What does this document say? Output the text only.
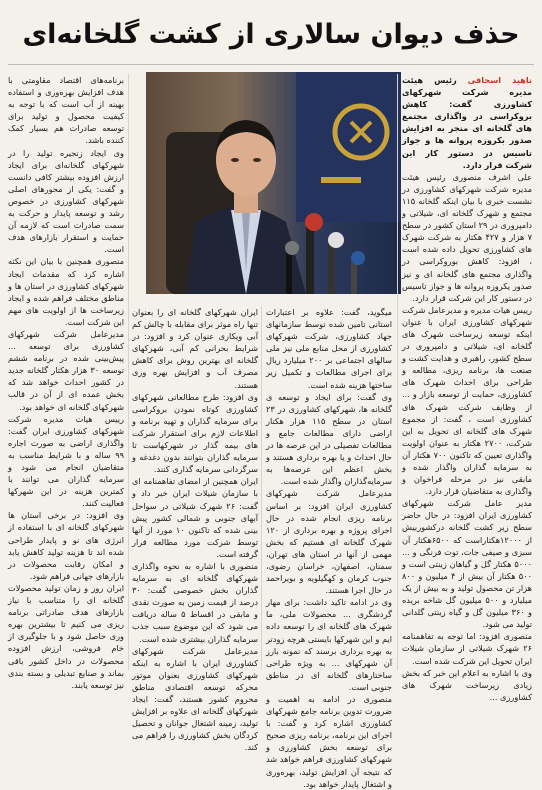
حذف دیوان سالاری از کشت گلخانه‌ای

ناهید اسحاقی رئیس هیئت مدیره شرکت شهرکهای کشاورزی گفت: کاهش بروکراسی در واگذاری مجتمع های گلخانه ای منجر به افزایش صدور بکروزه پروانه ها و جواز تاسیس در دستور کار این شرکت قرار دارد.

علی اشرف منصوری رئیس هیئت مدیره شرکت شهرکهای کشاورزی در نشست خبری با بیان اینکه گلخانه ۱۱۵ مجتمع و شهرک گلخانه ای، شیلاتی و دامپروری در ۲۹ استان کشور در سطح ۷ هزار و ۴۲۷ هکتار به شرکت شهرک های کشاورزی تحویل داده شده است ، افزود: کاهش بوروکراسی در واگذاری مجتمع های گلخانه ای و نیز صدور یکروزه پروانه ها و جواز تاسیس در دستور کار این شرکت قرار دارد.

رییس هیات مدیره و مدیرعامل شرکت شهرکهای کشاورزی ایران با عنوان اینکه توسعه زیرساخت شهرک های گلخانه ای، شیلاتی و دامپروری در سطح کشور، راهبری و هدایت کشت و صنعت ها، برنامه ریزی، مطالعه و طراحی برای احداث شهرک های کشاورزی، حمایت از توسعه بازار و ... از وظایف شرکت شهرک های کشاورزی است ، گفت: از مجموع شهرک های گلخانه ای تحویل به این شرکت، ۲۷۰۰ هکتار به عنوان اولویت واگذاری تعیین که تاکنون ۷۰۰ هکتار آن به سرمایه گذاران واگذار شده و مابقی نیز در مرحله فراخوان و واگذاری به متقاضیان قرار دارد.

مدیر عامل شرکت شهرکهای کشاورزی ایران افزود: در حال حاضر سطح زیر کشت گلخانه درکشوربیش از ۱۲۰۰۰هکتاراست که ۶۵۰۰هکتار آن سبزی و صیفی جات، توت فرنگی و ... ۵۰۰۰ هکتار گل و گیاهان زینتی است و ۵۰۰ هکتار آن بیش از ۴ میلیون و ۸۰۰ هزار تن محصول تولید و به بیش از یک میلیارد و ۵۰۰ میلیون گل شاخه بریده و ۳۶۰ میلیون گل و گیاه زینتی گلدانی تولید می شود.

منصوری افزود: اما توجه به تفاهمنامه ۲۶ شهرک شیلاتی از سازمان شیلات ایران تحویل این شرکت شده است.

وی با اشاره به اعلام این خبر که بخش زیادی زیرساخت شهرک های کشاورزی ...

میگوید، گفت: علاوه بر اعتبارات استانی تامین شده توسط سازمانهای جهاد کشاورزی، شرکت شهرکهای کشاورزی از محل منابع ملی نیز ملی سالهای اجتماعی بر ۲۰۰ میلیارد ریال برای اجرای مطالعات و تکمیل زیر ساختها هزینه شده است.

وی گفت: برای ایجاد و توسعه ی گلخانه ها، شهرکهای کشاورزی در ۲۳ استان در سطح ۱۱۵ هزار هکتار اراضی دارای مطالعات جامع و مطالعات تفصیلی در این عرصه ها در حال احداث و یا بهره برداری هستند و بخش اعظم این عرصه‌ها به سرمایه‌گذاران واگذار شده است.

مدیرعامل شرکت شهرکهای کشاورزی ایران افزود: بر اساس برنامه ریزی انجام شده در حال اجرای پروژه و بهره برداری از ۱۲۰ شهرک گلخانه ای هستیم که بخش مهمی از آنها در استان های تهران، سمنان، اصفهان، خراسان رضوی، جنوب کرمان و کهگیلویه و بویراحمد در حال اجرا هستند.

وی در ادامه تاکید داشت: برای مهار گردشگری ... محصولات ملی، ما شهرک های گلخانه ای را توسعه داده ایم و این شهرکها بایستی هرچه زودتر به بهره برداری برسند که نمونه بارز آن شهرکهای ... به ویژه طراحی ساختارهای گلخانه ای در مناطق جنوبی است.

منصوری در ادامه به اهمیت و ضرورت تدوین برنامه جامع شهرکهای کشاورزی اشاره کرد و گفت: با اجرای این برنامه، برنامه ریزی صحیح برای توسعه بخش کشاورزی و شهرکهای کشاورزی فراهم خواهد شد که نتیجه آن افزایش تولید، بهره‌وری و اشتغال پایدار خواهد بود.

ایران شهرکهای گلخانه ای را بعنوان تنها راه موثر برای مقابله با چالش کم آبی ویکاری عنوان کرد و افزود: در شرایط بحرانی کم آبی، شهرکهای گلخانه ای بهترین روش برای کاهش مصرف آب و افزایش بهره وری هستند.

وی افزود: طرح مطالعاتی شهرکهای کشاورزی کوتاه نمودن بروکراسی برای سرمایه گذاران و تهیه برنامه و اطلاعات لازم برای استقرار شرکت های بیمه گذار در شهرکهاست تا سرمایه گذاران بتوانند بدون دغدغه و سرگردانی سرمایه گذاری کنند.

ایران همچنین از امضای تفاهمنامه ای با سازمان شیلات ایران خبر داد و گفت: ۲۶ شهرک شیلاتی در سواحل آبهای جنوبی و شمالی کشور پیش بینی شده که تاکنون ۱۰ مورد از آنها توسط شرکت مورد مطالعه قرار گرفته است.

منصوری با اشاره به نحوه واگذاری شهرکهای گلخانه ای به سرمایه گذاران بخش خصوصی گفت: ۳۰ درصد از قیمت زمین به صورت نقدی و مابقی در اقساط ۵ ساله دریافت می شود که این موضوع سبب جذب سرمایه گذاران بیشتری شده است.

مدیرعامل شرکت شهرکهای کشاورزی ایران با اشاره به اینکه شهرکهای کشاورزی بعنوان موتور محرکه توسعه اقتصادی مناطق محروم کشور هستند، گفت: ایجاد شهرکهای گلخانه ای علاوه بر افزایش تولید، زمینه اشتغال جوانان و تحصیل کردگان بخش کشاورزی را فراهم می کند.

برنامه‌های اقتصاد مقاومتی با هدف افزایش بهره‌وری و استفاده بهینه از آب است که با توجه به کیفیت محصول و تولید برای توسعه صادرات هم بسیار کمک کننده باشد.

وی ایجاد زنجیره تولید را در شهرکهای گلخانه‌ای برای ایجاد ارزش افزوده بیشتر کافی دانست و گفت: یکی از محورهای اصلی شهرکهای کشاورزی در خصوص رشد و توسعه پایدار و حرکت به سمت صادرات است که لازمه آن حمایت و استقرار بازارهای هدف است.

منصوری همچنین با بیان این نکته اشاره کرد که مقدمات ایجاد شهرکهای کشاورزی در استان ها و مناطق مختلف فراهم شده و ایجاد زیرساخت ها از اولویت های مهم این شرکت است.

مدیرعامل شرکت شهرکهای کشاورزی برای توسعه ... پیش‌بینی شده در برنامه ششم توسعه ۳۰ هزار هکتار گلخانه جدید در کشور احداث خواهد شد که بخش عمده ای از آن در قالب شهرکهای گلخانه ای خواهد بود.

رییس هیات مدیره شرکت شهرکهای کشاورزی ایران گفت: واگذاری اراضی به صورت اجاره ۹۹ ساله و با شرایط مناسب به متقاضیان انجام می شود و سرمایه گذاران می توانند با کمترین هزینه در این شهرکها فعالیت کنند.

وی افزود: در برخی استان ها شهرکهای گلخانه ای با استفاده از انرژی های نو و پایدار طراحی شده اند تا هزینه تولید کاهش یابد و امکان رقابت محصولات در بازارهای جهانی فراهم شود.

ایران روز و زمان تولید محصولات گلخانه ای را متناسب با نیاز بازارهای هدف صادراتی برنامه ریزی می کنیم تا بیشترین بهره وری حاصل شود و با جلوگیری از خام فروشی، ارزش افزوده محصولات در داخل کشور باقی بماند و صنایع تبدیلی و بسته بندی نیز توسعه یابند.
